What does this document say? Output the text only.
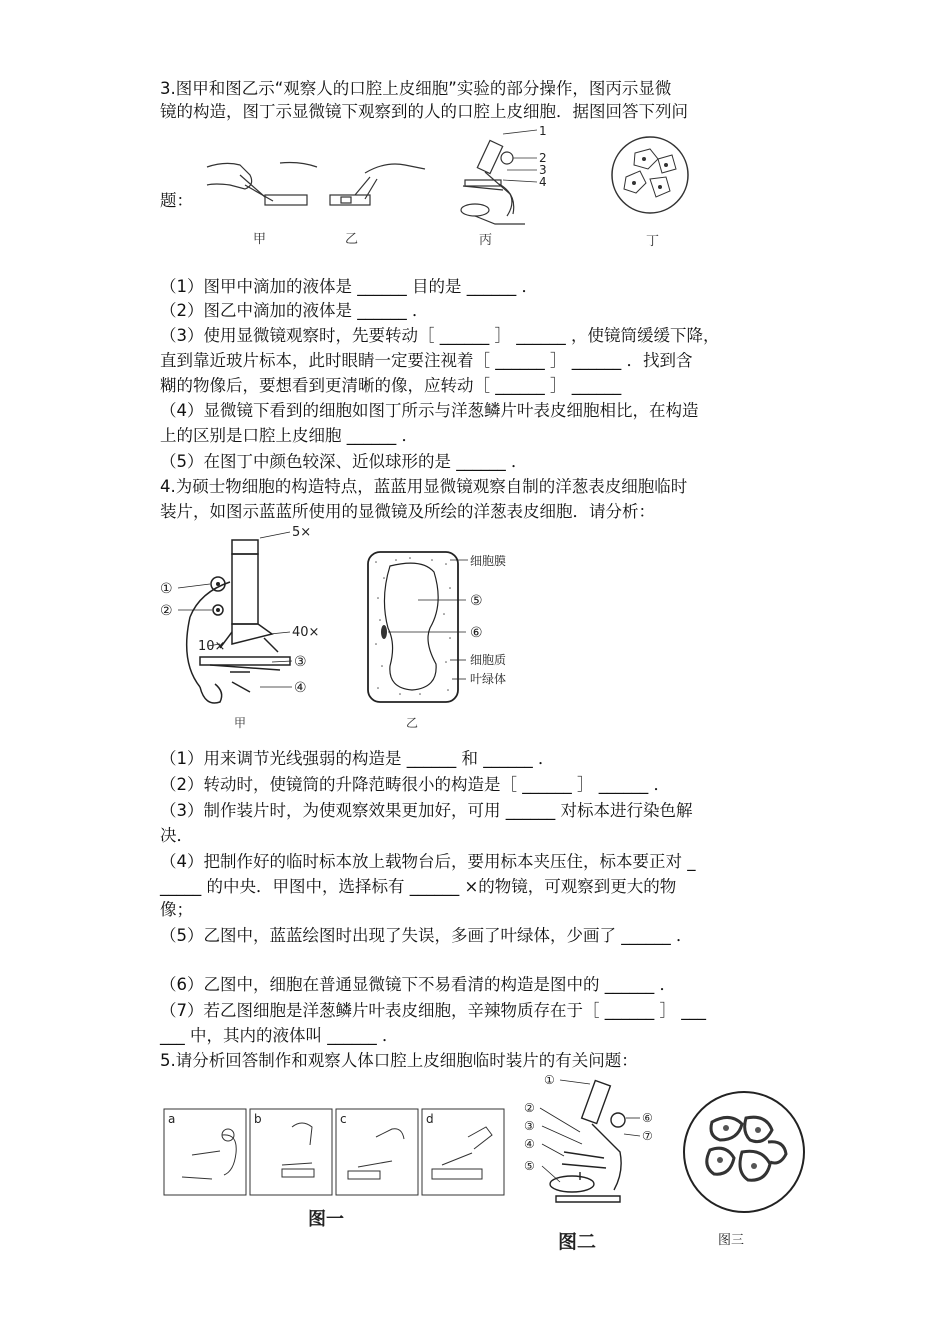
3.图甲和图乙示“观察人的口腔上皮细胞”实验的部分操作，图丙示显微
镜的构造，图丁示显微镜下观察到的人的口腔上皮细胞．据图回答下列问
题：
甲	乙
1
2
3
4
丙	丁
（1）图甲中滴加的液体是 ______ 目的是 ______ ．
（2）图乙中滴加的液体是 ______ ．
（3）使用显微镜观察时，先要转动［ ______ ］ ______ ，使镜筒缓缓下降，
直到靠近玻片标本，此时眼睛一定要注视着［ ______ ］ ______ ．找到含
糊的物像后，要想看到更清晰的像，应转动［ ______ ］ ______
（4）显微镜下看到的细胞如图丁所示与洋葱鳞片叶表皮细胞相比，在构造
上的区别是口腔上皮细胞 ______ ．
（5）在图丁中颜色较深、近似球形的是 ______ ．
4.为硕士物细胞的构造特点，蓝蓝用显微镜观察自制的洋葱表皮细胞临时
装片，如图示蓝蓝所使用的显微镜及所绘的洋葱表皮细胞．请分析：
5×
①
②
40×
10×
③
④
甲
细胞膜
⑤
⑥
细胞质
叶绿体
乙
（1）用来调节光线强弱的构造是 ______ 和 ______ ．
（2）转动时，使镜筒的升降范畴很小的构造是［ ______ ］ ______ ．
（3）制作装片时，为使观察效果更加好，可用 ______ 对标本进行染色解
决．
（4）把制作好的临时标本放上载物台后，要用标本夹压住，标本要正对 _
_____ 的中央．甲图中，选择标有 ______ ×的物镜，可观察到更大的物
像；
（5）乙图中，蓝蓝绘图时出现了失误，多画了叶绿体，少画了 ______ ．
（6）乙图中，细胞在普通显微镜下不易看清的构造是图中的 ______ ．
（7）若乙图细胞是洋葱鳞片叶表皮细胞，辛辣物质存在于［ ______ ］ ___
___ 中，其内的液体叫 ______ ．
5.请分析回答制作和观察人体口腔上皮细胞临时装片的有关问题：
a	b	c	d
图一
①
②
③
④
⑤
⑥
⑦
图二	图三
